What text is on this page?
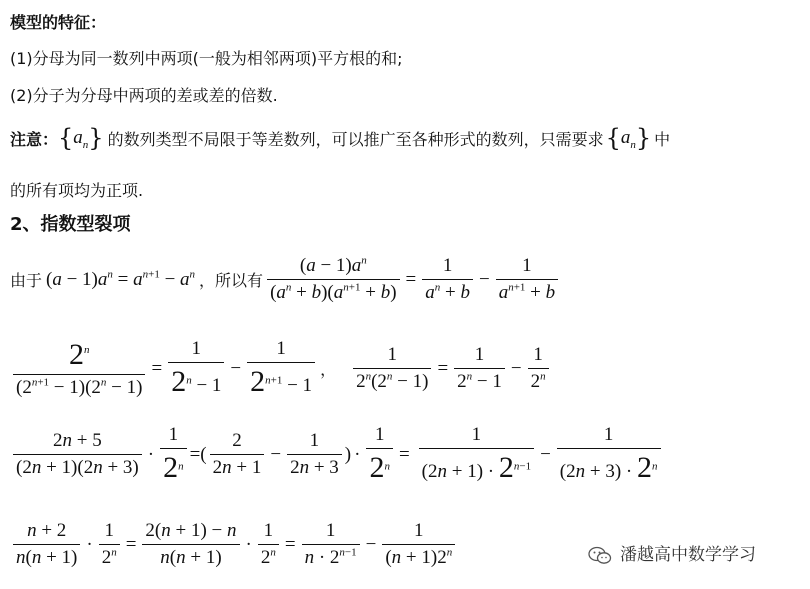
模型的特征：
(1)分母为同一数列中两项(一般为相邻两项)平方根的和;
(2)分子为分母中两项的差或差的倍数.
注意： $\{a_n\}$ 的数列类型不局限于等差数列，可以推广至各种形式的数列，只需要求 $\{a_n\}$ 中
的所有项均为正项.
2、指数型裂项
由于 $(a - 1)a^n = a^{n+1} - a^n$ ，所以有 $\frac{(a - 1)a^n}{(a^n + b)(a^{n+1} + b)} = \frac{1}{a^n + b} - \frac{1}{a^{n+1} + b}$
$\frac{2^n}{(2^{n+1} - 1)(2^n - 1)} = \frac{1}{2^n - 1} - \frac{1}{2^{n+1} - 1}$ ， $\frac{1}{2^n(2^n - 1)} = \frac{1}{2^n - 1} - \frac{1}{2^n}$
$\frac{2n + 5}{(2n + 1)(2n + 3)} \cdot \frac{1}{2^n}$ = ( $\frac{2}{2n + 1} - \frac{1}{2n + 3}$ ) · $\frac{1}{2^n} = \frac{1}{(2n + 1) \cdot 2^{n-1}} - \frac{1}{(2n + 3) \cdot 2^n}$
$\frac{n + 2}{n(n + 1)} \cdot \frac{1}{2^n} = \frac{2(n + 1) - n}{n(n + 1)} \cdot \frac{1}{2^n} = \frac{1}{n \cdot 2^{n-1}} - \frac{1}{(n + 1)2^n}$	潘越高中数学学习
